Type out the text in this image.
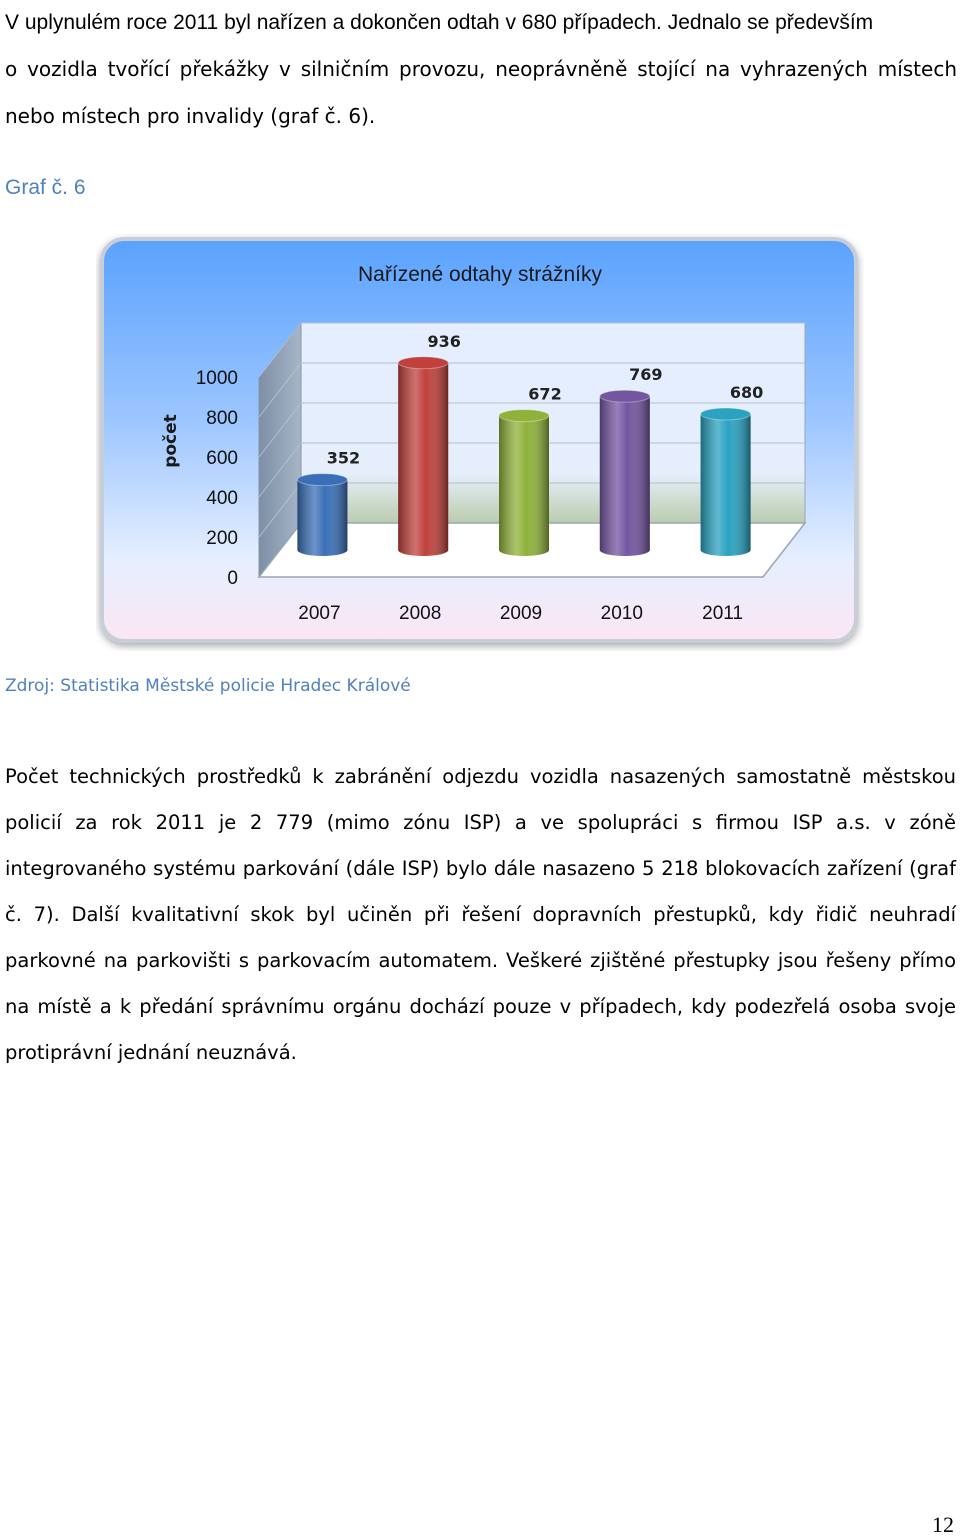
V uplynulém roce 2011 byl nařízen a dokončen odtah v 680 případech. Jednalo se především
o vozidla tvořící překážky v silničním provozu, neoprávněně stojící na vyhrazených místech nebo místech pro invalidy (graf č. 6).
Graf č. 6
0
200
400
600
800
1000
352
2007
936
2008
672
2009
769
2010
680
2011
Nařízené odtahy strážníky
počet
Zdroj: Statistika Městské policie Hradec Králové
Počet technických prostředků k zabránění odjezdu vozidla nasazených samostatně městskou policií za rok 2011 je 2 779 (mimo zónu ISP) a ve spolupráci s firmou ISP a.s. v zóně integrovaného systému parkování (dále ISP) bylo dále nasazeno 5 218 blokovacích zařízení (graf č. 7). Další kvalitativní skok byl učiněn při řešení dopravních přestupků, kdy řidič neuhradí parkovné na parkovišti s parkovacím automatem. Veškeré zjištěné přestupky jsou řešeny přímo na místě a k předání správnímu orgánu dochází pouze v případech, kdy podezřelá osoba svoje protiprávní jednání neuznává.
12
